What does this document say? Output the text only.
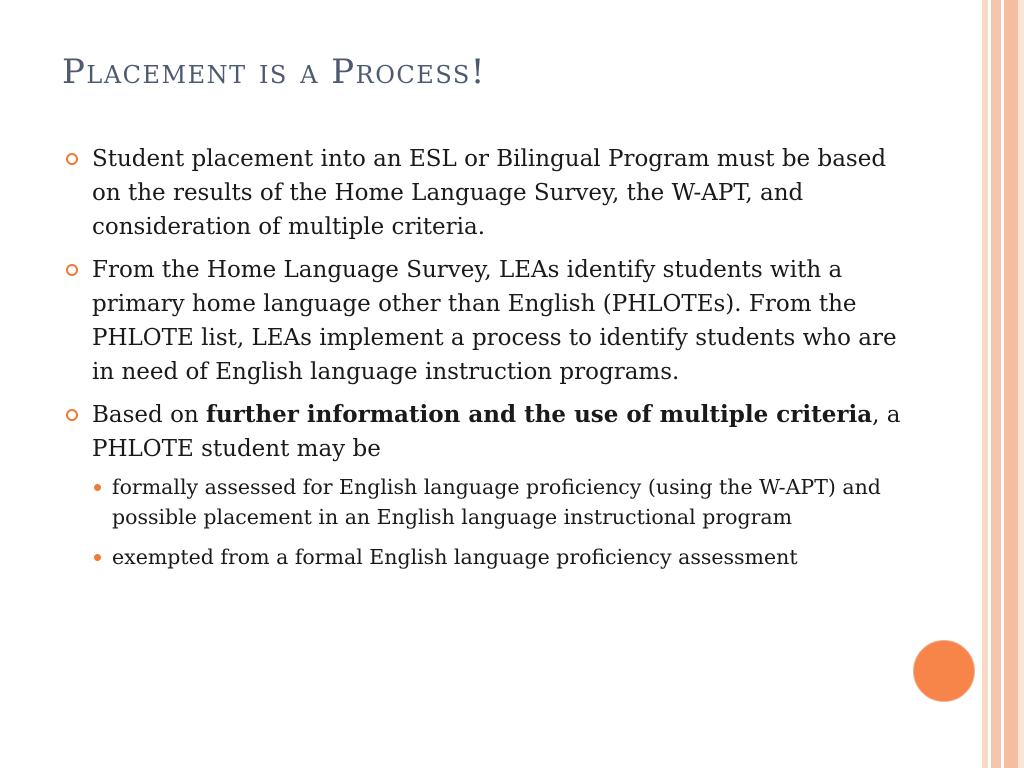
Placement is a Process!
Student placement into an ESL or Bilingual Program must be based on the results of the Home Language Survey, the W-APT, and consideration of multiple criteria.
From the Home Language Survey, LEAs identify students with a primary home language other than English (PHLOTEs). From the PHLOTE list, LEAs implement a process to identify students who are in need of English language instruction programs.
Based on further information and the use of multiple criteria, a PHLOTE student may be
formally assessed for English language proficiency (using the W-APT) and possible placement in an English language instructional program
exempted from a formal English language proficiency assessment
